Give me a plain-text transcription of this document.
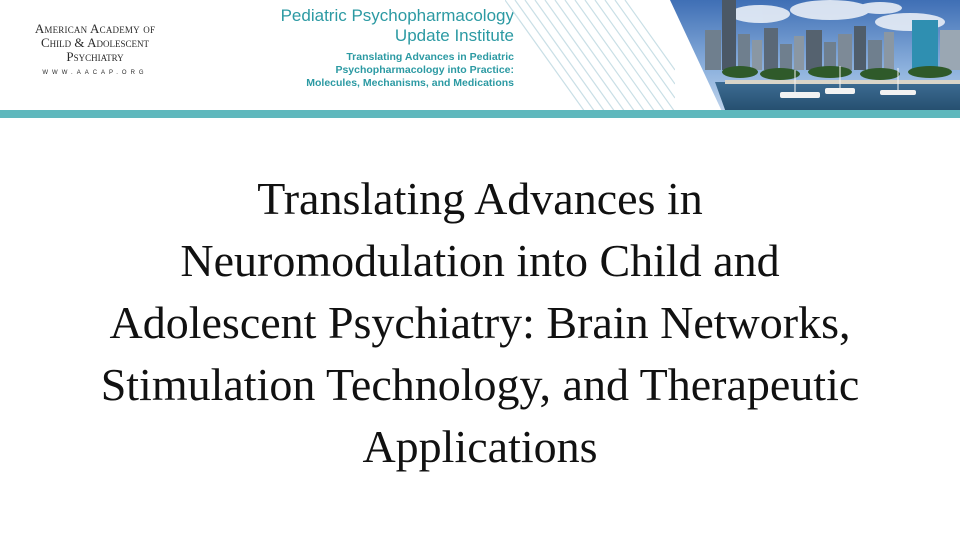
American Academy of
Child & Adolescent
Psychiatry
WWW.AACAP.ORG
Pediatric Psychopharmacology
Update Institute
Translating Advances in Pediatric
Psychopharmacology into Practice:
Molecules, Mechanisms, and Medications
Translating Advances in
Neuromodulation into Child and
Adolescent Psychiatry: Brain Networks,
Stimulation Technology, and Therapeutic
Applications
